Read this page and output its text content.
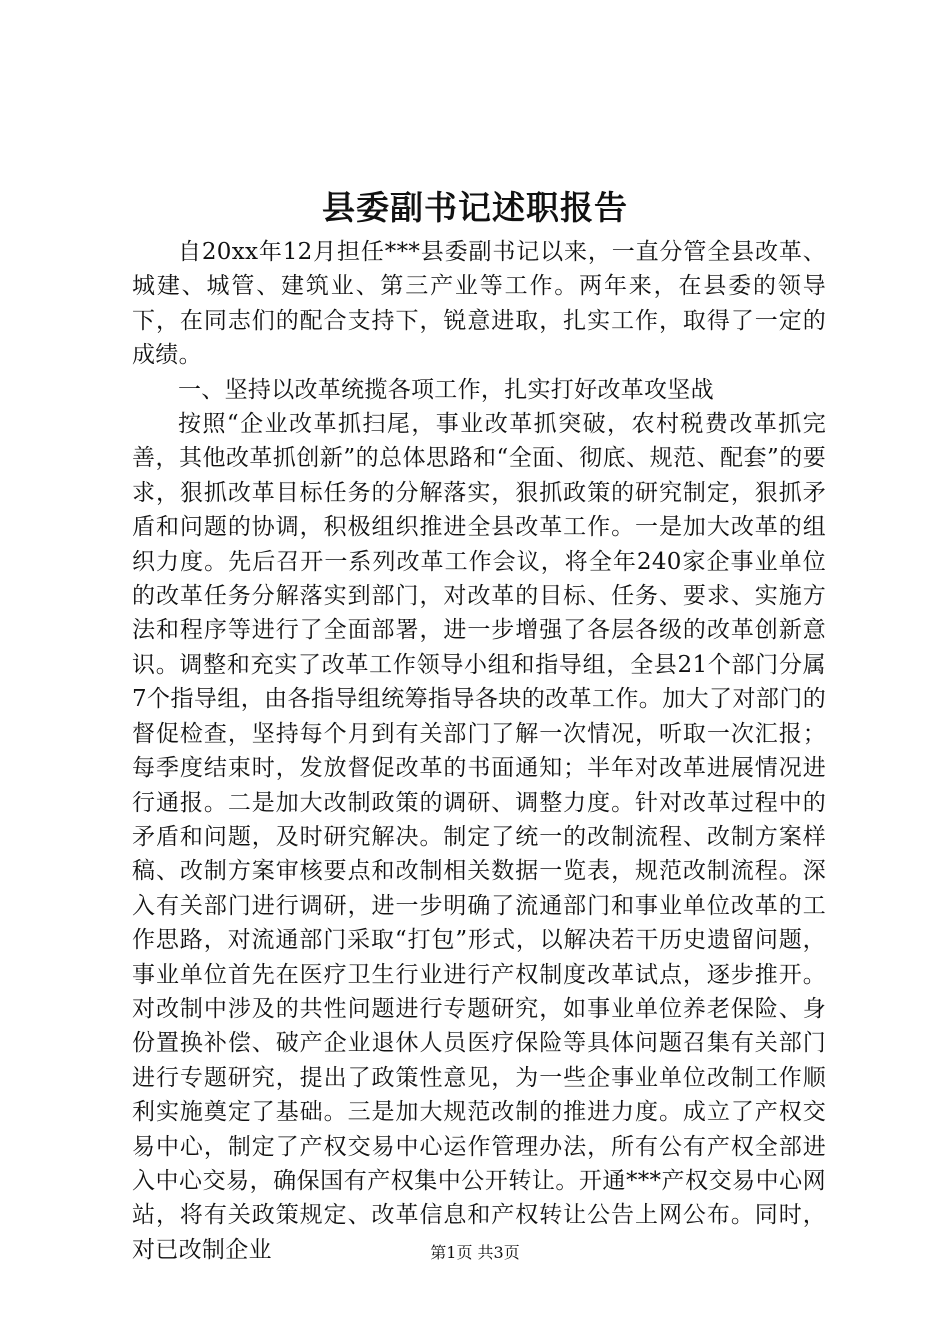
县委副书记述职报告

自20xx年12月担任***县委副书记以来，一直分管全县改革、城建、城管、建筑业、第三产业等工作。两年来，在县委的领导下，在同志们的配合支持下，锐意进取，扎实工作，取得了一定的成绩。

一、坚持以改革统揽各项工作，扎实打好改革攻坚战

按照“企业改革抓扫尾，事业改革抓突破，农村税费改革抓完善，其他改革抓创新”的总体思路和“全面、彻底、规范、配套”的要求，狠抓改革目标任务的分解落实，狠抓政策的研究制定，狠抓矛盾和问题的协调，积极组织推进全县改革工作。一是加大改革的组织力度。先后召开一系列改革工作会议，将全年240家企事业单位的改革任务分解落实到部门，对改革的目标、任务、要求、实施方法和程序等进行了全面部署，进一步增强了各层各级的改革创新意识。调整和充实了改革工作领导小组和指导组，全县21个部门分属7个指导组，由各指导组统筹指导各块的改革工作。加大了对部门的督促检查，坚持每个月到有关部门了解一次情况，听取一次汇报；每季度结束时，发放督促改革的书面通知；半年对改革进展情况进行通报。二是加大改制政策的调研、调整力度。针对改革过程中的矛盾和问题，及时研究解决。制定了统一的改制流程、改制方案样稿、改制方案审核要点和改制相关数据一览表，规范改制流程。深入有关部门进行调研，进一步明确了流通部门和事业单位改革的工作思路，对流通部门采取“打包”形式，以解决若干历史遗留问题，事业单位首先在医疗卫生行业进行产权制度改革试点，逐步推开。对改制中涉及的共性问题进行专题研究，如事业单位养老保险、身份置换补偿、破产企业退休人员医疗保险等具体问题召集有关部门进行专题研究，提出了政策性意见，为一些企事业单位改制工作顺利实施奠定了基础。三是加大规范改制的推进力度。成立了产权交易中心，制定了产权交易中心运作管理办法，所有公有产权全部进入中心交易，确保国有产权集中公开转让。开通***产权交易中心网站，将有关政策规定、改革信息和产权转让公告上网公布。同时，对已改制企业	第1页 共3页
